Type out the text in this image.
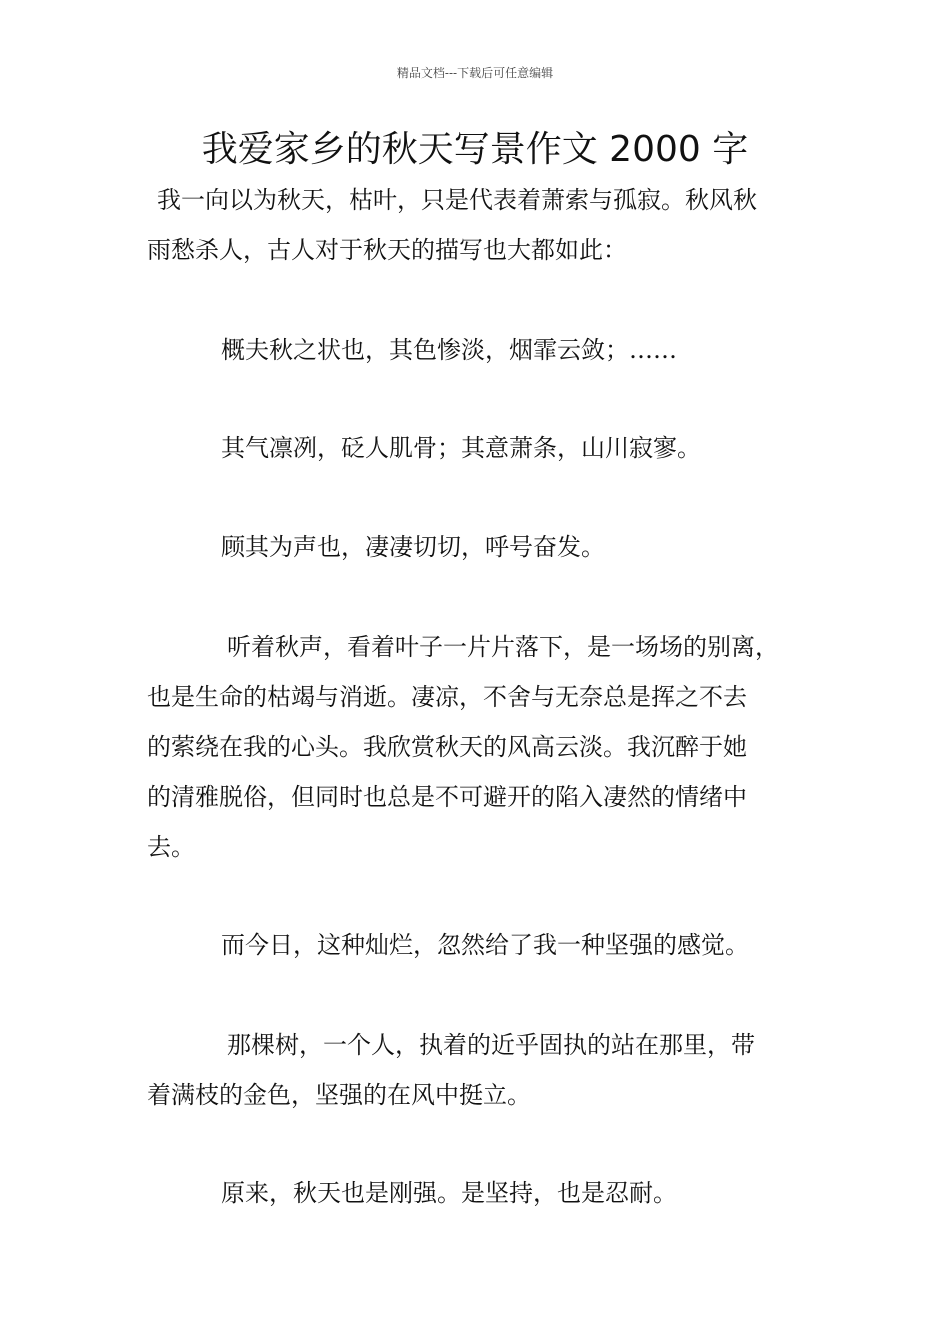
精品文档---下载后可任意编辑
我爱家乡的秋天写景作文 2000 字

我一向以为秋天，枯叶，只是代表着萧索与孤寂。秋风秋
雨愁杀人，古人对于秋天的描写也大都如此：

概夫秋之状也，其色惨淡，烟霏云敛；……

其气凛冽，砭人肌骨；其意萧条，山川寂寥。

顾其为声也，凄凄切切，呼号奋发。

听着秋声，看着叶子一片片落下，是一场场的别离，
也是生命的枯竭与消逝。凄凉，不舍与无奈总是挥之不去
的萦绕在我的心头。我欣赏秋天的风高云淡。我沉醉于她
的清雅脱俗，但同时也总是不可避开的陷入凄然的情绪中
去。

而今日，这种灿烂，忽然给了我一种坚强的感觉。

那棵树，一个人，执着的近乎固执的站在那里，带
着满枝的金色，坚强的在风中挺立。

原来，秋天也是刚强。是坚持，也是忍耐。
